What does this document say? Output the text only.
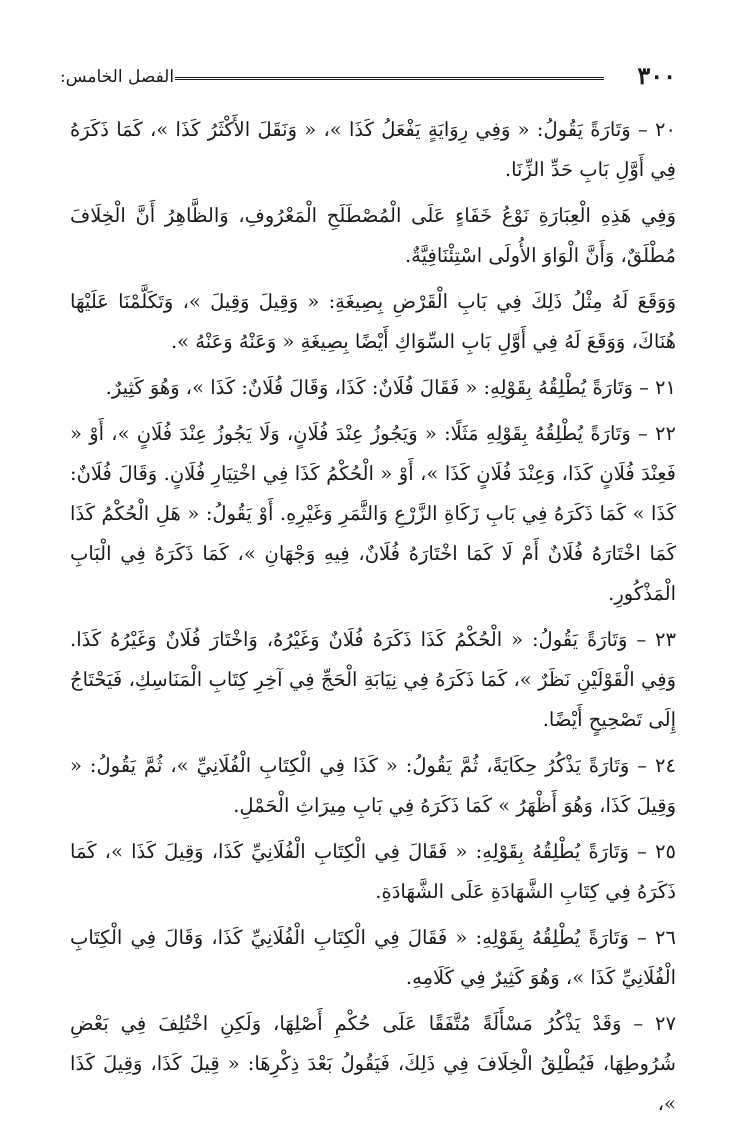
٣٠٠
الفصل الخامس:

٢٠ – وَتَارَةً يَقُولُ: « وَفِي رِوَايَةٍ يَفْعَلُ كَذَا »، « وَنَقَلَ الأَكْثَرُ كَذَا »، كَمَا ذَكَرَهُ فِي أَوَّلِ بَابِ حَدِّ الزِّنَا.

وَفِي هَذِهِ الْعِبَارَةِ نَوْعُ خَفَاءٍ عَلَى الْمُصْطَلَحِ الْمَعْرُوفِ، وَالظَّاهِرُ أَنَّ الْخِلَافَ مُطْلَقٌ، وَأَنَّ الْوَاوَ الأُولَى اسْتِئْنَافِيَّةٌ.

وَوَقَعَ لَهُ مِثْلُ ذَلِكَ فِي بَابِ الْقَرْضِ بِصِيغَةِ: « وَقِيلَ وَقِيلَ »، وَتَكَلَّمْنَا عَلَيْهَا هُنَاكَ، وَوَقَعَ لَهُ فِي أَوَّلِ بَابِ السِّوَاكِ أَيْضًا بِصِيغَةِ « وَعَنْهُ وَعَنْهُ ».

٢١ – وَتَارَةً يُطْلِقُهُ بِقَوْلِهِ: « فَقَالَ فُلَانٌ: كَذَا، وَقَالَ فُلَانٌ: كَذَا »، وَهُوَ كَثِيرٌ.

٢٢ – وَتَارَةً يُطْلِقُهُ بِقَوْلِهِ مَثَلًا: « وَيَجُوزُ عِنْدَ فُلَانٍ، وَلَا يَجُوزُ عِنْدَ فُلَانٍ »، أَوْ « فَعِنْدَ فُلَانٍ كَذَا، وَعِنْدَ فُلَانٍ كَذَا »، أَوْ « الْحُكْمُ كَذَا فِي اخْتِيَارِ فُلَانٍ. وَقَالَ فُلَانٌ: كَذَا » كَمَا ذَكَرَهُ فِي بَابِ زَكَاةِ الزَّرْعِ وَالثَّمَرِ وَغَيْرِهِ. أَوْ يَقُولُ: « هَلِ الْحُكْمُ كَذَا كَمَا اخْتَارَهُ فُلَانٌ أَمْ لَا كَمَا اخْتَارَهُ فُلَانٌ، فِيهِ وَجْهَانِ »، كَمَا ذَكَرَهُ فِي الْبَابِ الْمَذْكُورِ.

٢٣ – وَتَارَةً يَقُولُ: « الْحُكْمُ كَذَا ذَكَرَهُ فُلَانٌ وَغَيْرُهُ، وَاخْتَارَ فُلَانٌ وَغَيْرُهُ كَذَا. وَفِي الْقَوْلَيْنِ نَظَرٌ »، كَمَا ذَكَرَهُ فِي نِيَابَةِ الْحَجِّ فِي آخِرِ كِتَابِ الْمَنَاسِكِ، فَيَحْتَاجُ إِلَى تَصْحِيحٍ أَيْضًا.

٢٤ – وَتَارَةً يَذْكُرُ حِكَايَةً، ثُمَّ يَقُولُ: « كَذَا فِي الْكِتَابِ الْفُلَانِيِّ »، ثُمَّ يَقُولُ: « وَقِيلَ كَذَا، وَهُوَ أَظْهَرُ » كَمَا ذَكَرَهُ فِي بَابِ مِيرَاثِ الْحَمْلِ.

٢٥ – وَتَارَةً يُطْلِقُهُ بِقَوْلِهِ: « فَقَالَ فِي الْكِتَابِ الْفُلَانِيِّ كَذَا، وَقِيلَ كَذَا »، كَمَا ذَكَرَهُ فِي كِتَابِ الشَّهَادَةِ عَلَى الشَّهَادَةِ.

٢٦ – وَتَارَةً يُطْلِقُهُ بِقَوْلِهِ: « فَقَالَ فِي الْكِتَابِ الْفُلَانِيِّ كَذَا، وَقَالَ فِي الْكِتَابِ الْفُلَانِيِّ كَذَا »، وَهُوَ كَثِيرٌ فِي كَلَامِهِ.

٢٧ – وَقَدْ يَذْكُرُ مَسْأَلَةً مُتَّفَقًا عَلَى حُكْمِ أَصْلِهَا، وَلَكِنِ اخْتُلِفَ فِي بَعْضِ شُرُوطِهَا، فَيُطْلِقُ الْخِلَافَ فِي ذَلِكَ، فَيَقُولُ بَعْدَ ذِكْرِهَا: « قِيلَ كَذَا، وَقِيلَ كَذَا »،
